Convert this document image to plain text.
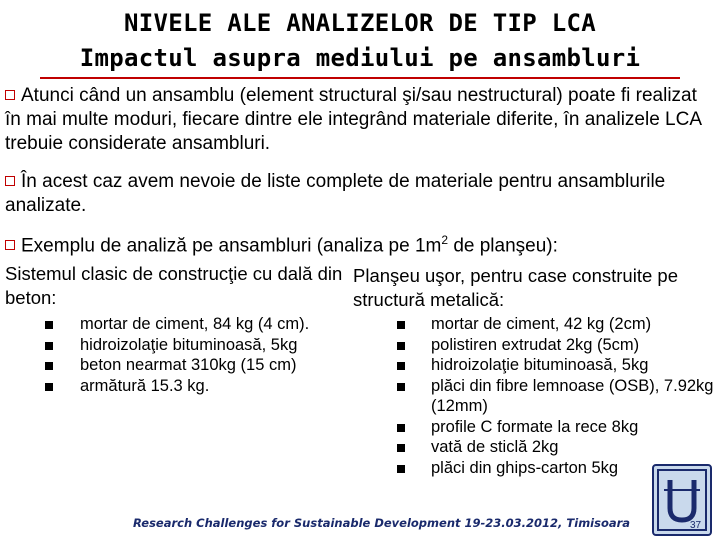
NIVELE ALE ANALIZELOR DE TIP LCA
Impactul asupra mediului pe ansambluri
Atunci când un ansamblu (element structural şi/sau nestructural) poate fi realizat în mai multe moduri, fiecare dintre ele integrând materiale diferite, în analizele LCA trebuie considerate ansambluri.
În acest caz avem nevoie de liste complete de materiale pentru ansamblurile analizate.
Exemplu de analiză pe ansambluri (analiza pe $1m^2$ de planşeu):
Sistemul clasic de construcţie cu dală din beton:
Planşeu uşor, pentru case construite pe structură metalică:
mortar de ciment, 84 kg (4 cm).
hidroizolaţie bituminoasă, 5kg
beton nearmat 310kg (15 cm)
armătură 15.3 kg.
mortar de ciment, 42 kg (2cm)
polistiren extrudat 2kg (5cm)
hidroizolaţie bituminoasă, 5kg
plăci din fibre lemnoase (OSB), 7.92kg (12mm)
profile C formate la rece 8kg
vată de sticlă 2kg
plăci din ghips-carton 5kg
37
Research Challenges for Sustainable Development 19-23.03.2012, Timisoara
